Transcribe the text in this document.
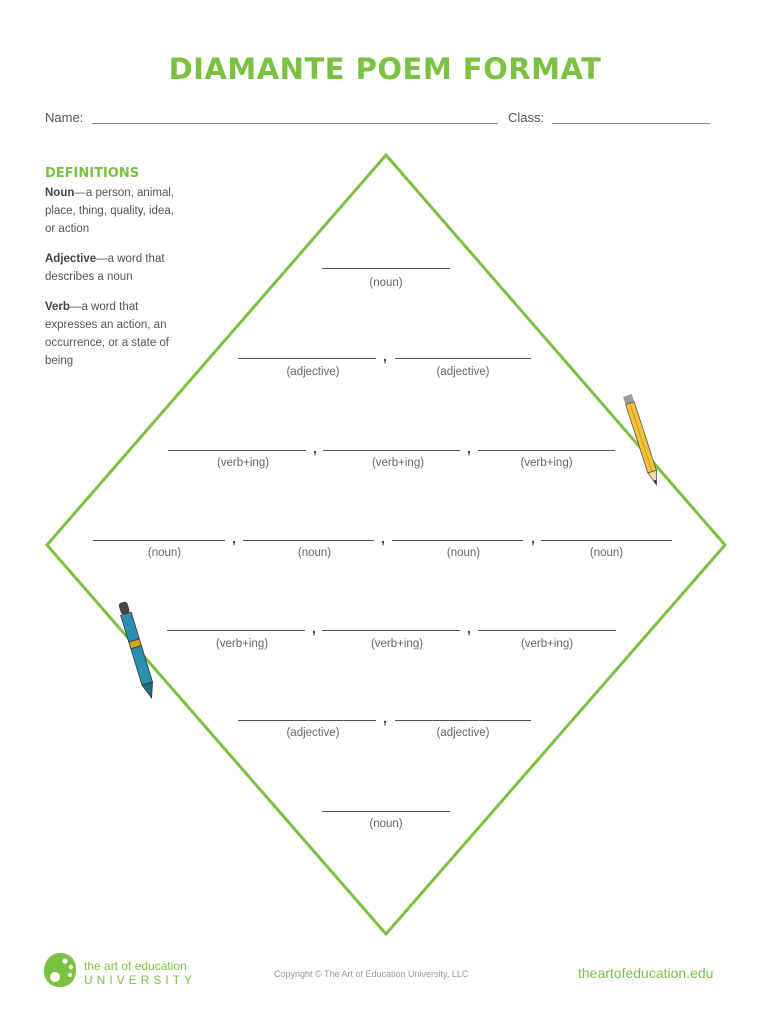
DIAMANTE POEM FORMAT
Name:	Class:
DEFINITIONS
Noun—a person, animal, place, thing, quality, idea, or action
Adjective—a word that describes a noun
Verb—a word that expresses an action, an occurrence, or a state of being
(noun)
(adjective)
,
(adjective)
(verb+ing)
,
(verb+ing)
,
(verb+ing)
(noun)
,
(noun)
,
(noun)
,
(noun)
(verb+ing)
,
(verb+ing)
,
(verb+ing)
(adjective)
,
(adjective)
(noun)
the art of education
UNIVERSITY	Copyright © The Art of Education University, LLC	theartofeducation.edu
